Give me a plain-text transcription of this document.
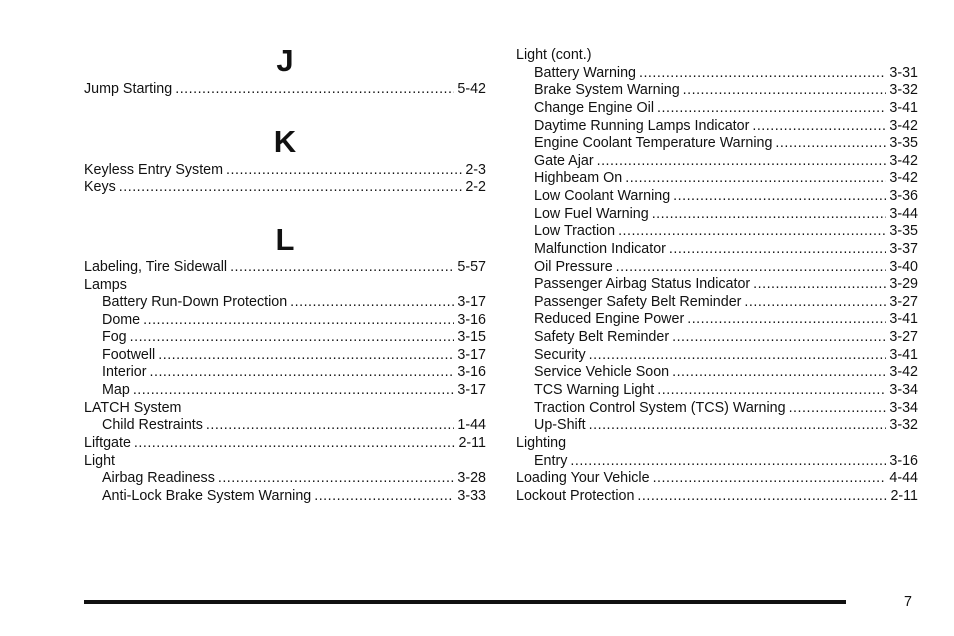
J
Jump Starting .....	5-42
K
Keyless Entry System .....	2-3
Keys .....	2-2
L
Labeling, Tire Sidewall .....	5-57
Lamps
Battery Run-Down Protection .....	3-17
Dome .....	3-16
Fog .....	3-15
Footwell .....	3-17
Interior .....	3-16
Map .....	3-17
LATCH System
Child Restraints .....	1-44
Liftgate .....	2-11
Light
Airbag Readiness .....	3-28
Anti-Lock Brake System Warning .....	3-33
Light (cont.)
Battery Warning .....	3-31
Brake System Warning .....	3-32
Change Engine Oil .....	3-41
Daytime Running Lamps Indicator .....	3-42
Engine Coolant Temperature Warning .....	3-35
Gate Ajar .....	3-42
Highbeam On .....	3-42
Low Coolant Warning .....	3-36
Low Fuel Warning .....	3-44
Low Traction .....	3-35
Malfunction Indicator .....	3-37
Oil Pressure .....	3-40
Passenger Airbag Status Indicator .....	3-29
Passenger Safety Belt Reminder .....	3-27
Reduced Engine Power .....	3-41
Safety Belt Reminder .....	3-27
Security .....	3-41
Service Vehicle Soon .....	3-42
TCS Warning Light .....	3-34
Traction Control System (TCS) Warning .....	3-34
Up-Shift .....	3-32
Lighting
Entry .....	3-16
Loading Your Vehicle .....	4-44
Lockout Protection .....	2-11
7
